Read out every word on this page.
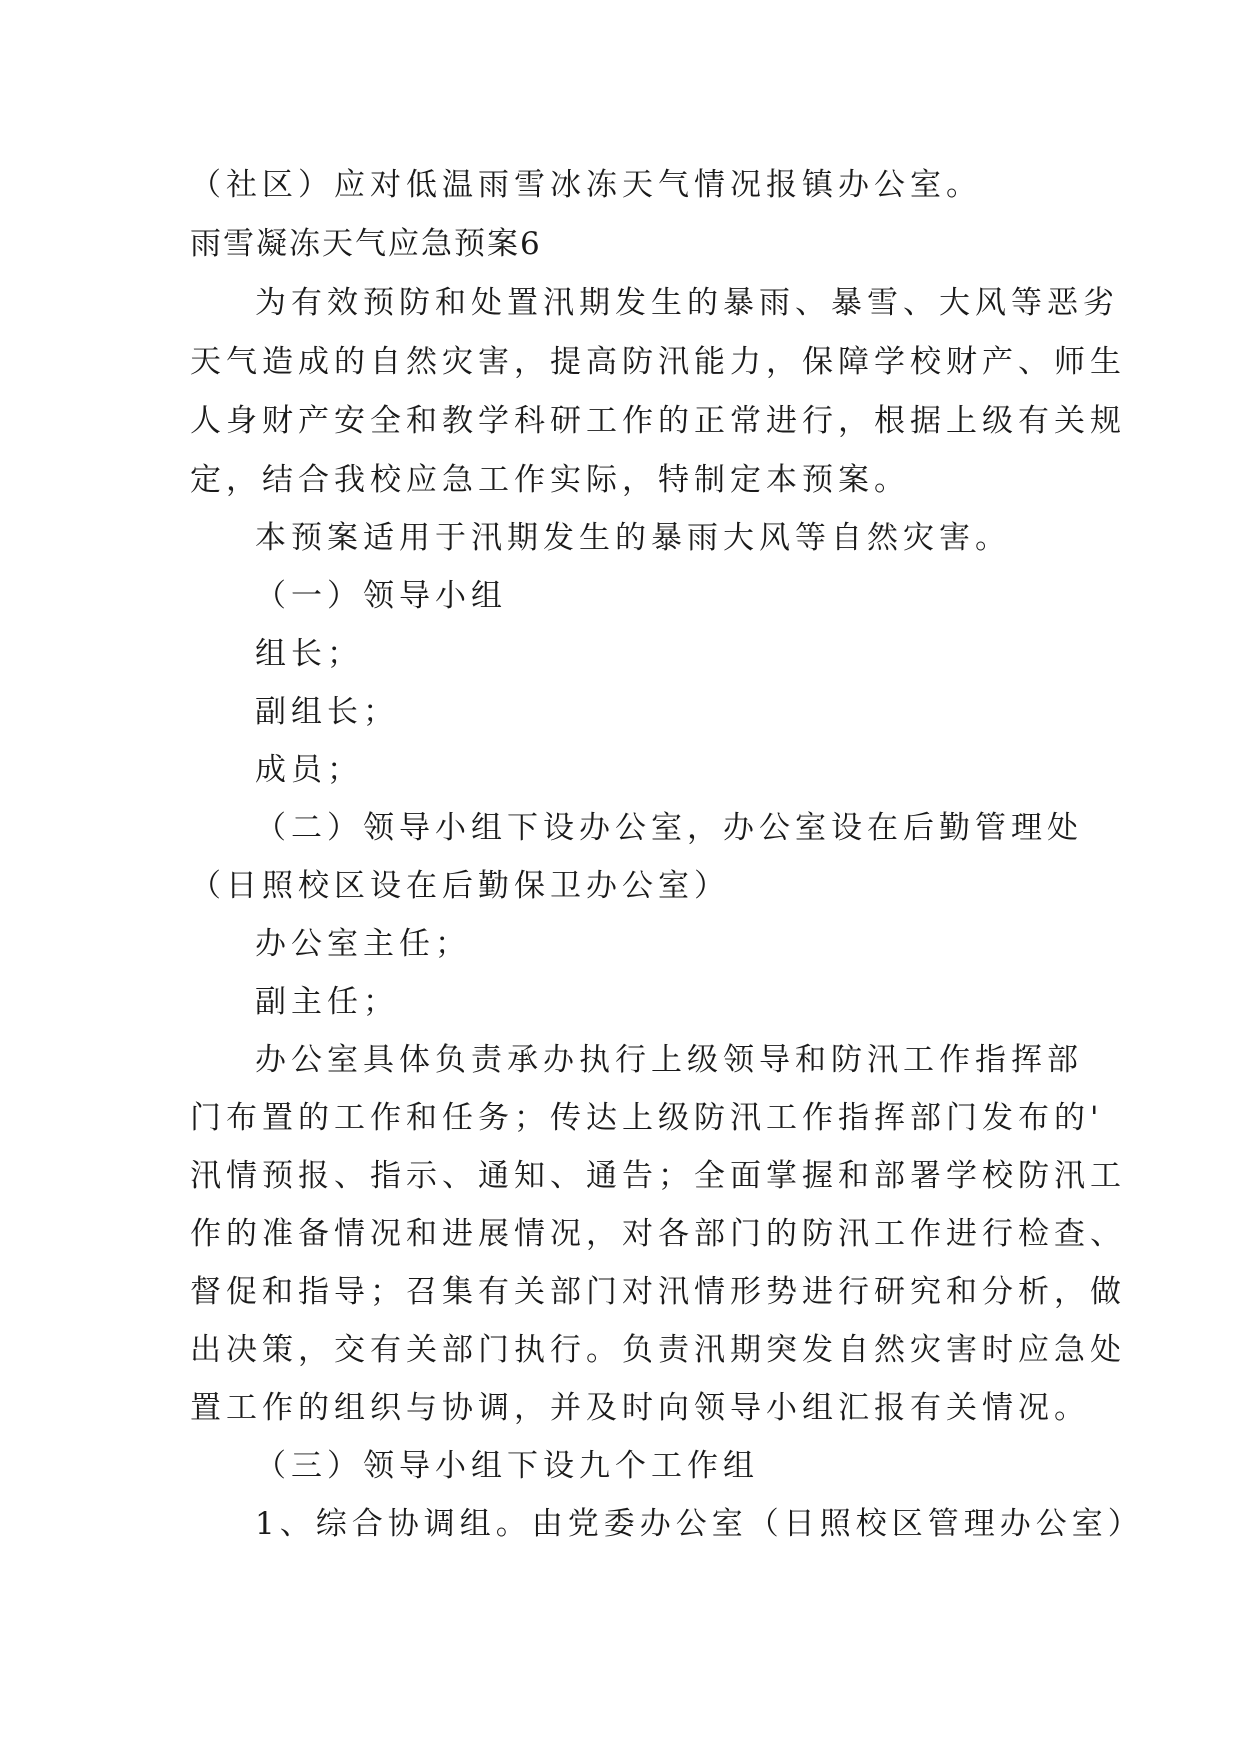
（社区）应对低温雨雪冰冻天气情况报镇办公室。
雨雪凝冻天气应急预案6
为有效预防和处置汛期发生的暴雨、暴雪、大风等恶劣
天气造成的自然灾害，提高防汛能力，保障学校财产、师生
人身财产安全和教学科研工作的正常进行，根据上级有关规
定，结合我校应急工作实际，特制定本预案。
本预案适用于汛期发生的暴雨大风等自然灾害。
（一）领导小组
组长；
副组长；
成员；
（二）领导小组下设办公室，办公室设在后勤管理处
（日照校区设在后勤保卫办公室）
办公室主任；
副主任；
办公室具体负责承办执行上级领导和防汛工作指挥部
门布置的工作和任务；传达上级防汛工作指挥部门发布的'
汛情预报、指示、通知、通告；全面掌握和部署学校防汛工
作的准备情况和进展情况，对各部门的防汛工作进行检查、
督促和指导；召集有关部门对汛情形势进行研究和分析，做
出决策，交有关部门执行。负责汛期突发自然灾害时应急处
置工作的组织与协调，并及时向领导小组汇报有关情况。
（三）领导小组下设九个工作组
1、综合协调组。由党委办公室（日照校区管理办公室）
